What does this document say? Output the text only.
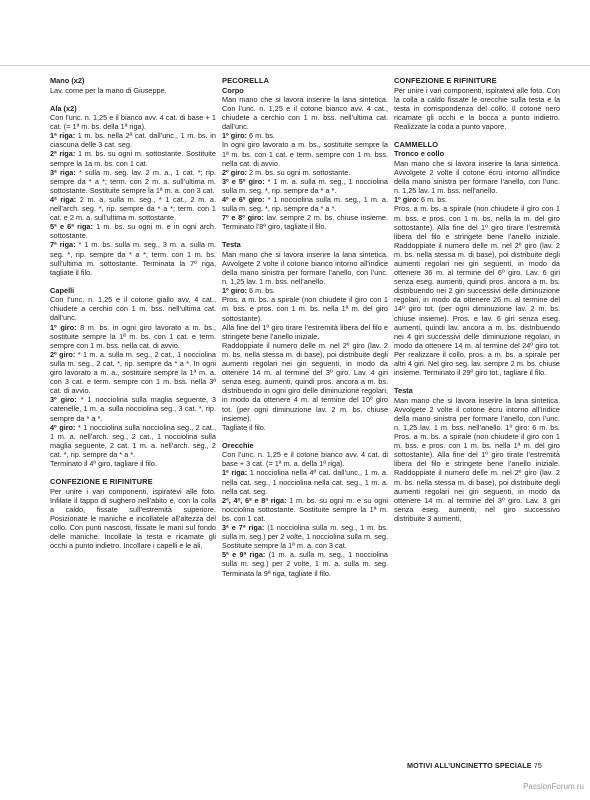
Mano (x2)

Lav. come per la mano di Giuseppe.

Ala (x2)

Con l’unc. n. 1,25 e il bianco avv. 4 cat. di base + 1 cat. (= 1ª m. bs. della 1ª riga).

1ª riga: 1 m. bs. nella 2ª cat. dall’unc., 1 m. bs. in ciascuna delle 3 cat. seg.

2ª riga: 1 m. bs. su ogni m. sottostante. Sostituite sempre la 1a m. bs. con 1 cat.

3ª riga: * sulla m. seg. lav. 2 m. a., 1 cat. *; rip. sempre da * a *; term. con 2 m. a. sull’ultima m. sottostante. Sostituite sempre la 1ª m. a. con 3 cat.

4ª riga: 2 m. a. sulla m. seg., * 1 cat., 2 m. a. nell’arch. seg. *, rip. sempre da * a *; term. con 1 cat. e 2 m. a. sull’ultima m. sottostante.

5ª e 6ª riga: 1 m. bs. su ogni m. e in ogni arch. sottostante.

7ª riga: * 1 m. bs. sulla m. seg., 3 m. a. sulla m. seg. *, rip. sempre da * a *; term. con 1 m. bs. sull’ultima m. sottostante. Terminata la 7ª riga, tagliate il filo.

Capelli

Con l’unc. n. 1,25 e il cotone giallo avv. 4 cat., chiudete a cerchio con 1 m. bss. nell’ultima cat. dall’unc.

1º giro: 8 m. bs. in ogni giro lavorato a m. bs., sostituite sempre la 1ª m. bs. con 1 cat. e term. sempre con 1 m. bss. nella cat. di avvio.

2º giro: * 1 m. a. sulla m. seg., 2 cat., 1 nocciolina sulla m. seg., 2 cat. *, rip. sempre da * a *. In ogni giro lavorato a m. a., sostituire sempre la 1ª m. a. con 3 cat. e term. sempre con 1 m. bss. nella 3ª cat. di avvio.

3º giro: * 1 nocciolina sulla maglia seguente, 3 catenelle, 1 m. a. sulla nocciolina seg., 3 cat. *, rip. sempre da * a *.

4º giro: * 1 nocciolina sulla nocciolina seg., 2 cat., 1 m. a. nell’arch. seg., 2 cat., 1 nocciolina sulla maglia seguente, 2 cat. 1 m. a. nell’arch. seg., 2 cat. *, rip. sempre da * a *.

Terminato il 4º giro, tagliare il filo.

CONFEZIONE E RIFINITURE

Per unire i vari componenti, ispiratevi alle foto. Infilate il tappo di sughero nell’abito e, con la colla a caldo, fissate sull’estremità superiore. Posizionate le maniche e incollatele all’altezza del collo. Con punti nascosti, fissate le mani sul fondo delle maniche. Incollate la testa e ricamate gli occhi a punto indietro. Incollare i capelli e le ali.

PECORELLA
Corpo

Man mano che si lavora inserire la lana sintetica. Con l’unc. n. 1,25 e il cotone bianco avv. 4 cat., chiudete a cerchio con 1 m. bss. nell’ultima cat. dall’unc.

1º giro: 6 m. bs.

In ogni giro lavorato a m. bs., sostituite sempre la 1ª m. bs. con 1 cat. e term. sempre con 1 m. bss. nella cat. di avvio.

2º giro: 2 m. bs. su ogni m. sottostante.

3º e 5º giro: * 1 m. a. sulla m. seg., 1 nocciolina sulla m. seg. *, rip. sempre da * a *.

4º e 6º giro: * 1 nocciolina sulla m. seg., 1 m. a. sulla m. seg. *, rip. sempre da * a *.

7º e 8º giro: lav. sempre 2 m. bs. chiuse insieme. Terminato l’8º giro, tagliate il filo.

Testa

Man mano che si lavora inserire la lana sintetica. Avvolgete 2 volte il cotone bianco intorno all’indice della mano sinistra per formare l’anello, con l’unc. n. 1,25 lav. 1 m. bss. nell’anello.

1º giro: 6 m. bs.

Pros. a m. bs. a spirale (non chiudete il giro con 1 m. bss. e pros. con 1 m. bs. nella 1ª m. del giro sottostante).

Alla fine del 1º giro tirare l’estremità libera del filo e stringete bene l’anello iniziale.

Raddoppiate il numero delle m. nel 2º giro (lav. 2 m. bs. nella stessa m. di base), poi distribuite degli aumenti regolari nei giri seguenti, in modo da ottenere 14 m. al termine del 3º giro. Lav. 4 giri senza eseg. aumenti, quindi pros. ancora a m. bs. distribuendo in ogni giro delle diminuzione regolari, in modo da ottenere 4 m. al termine del 10º giro tot. (per ogni diminuzione lav. 2 m. bs. chiuse insieme).

Tagliate il filo.

Orecchie

Con l’unc. n. 1,25 e il cotone bianco avv. 4 cat. di base + 3 cat. (= 1ª m. a. della 1ª riga).

1ª riga: 1 nocciolina nella 4ª cat. dall’unc., 1 m. a. nella cat. seg., 1 nocciolina nella cat. seg., 1 m. a. nella cat. seg.

2ª, 4ª, 6ª e 8ª riga: 1 m. bs. su ogni m. e su ogni nocciolina sottostante. Sostituite sempre la 1ª m. bs. con 1 cat.

3ª e 7ª riga: (1 nocciolina sulla m. seg., 1 m. bs. sulla m. seg.) per 2 volte, 1 nocciolina sulla m. seg. Sostituite sempre la 1ª m. a. con 3 cat.

5ª e 9ª riga: (1 m. a. sulla m. seg., 1 nocciolina sulla m. seg.) per 2 volte, 1 m. a. sulla m. seg. Terminata la 9ª riga, tagliate il filo.

CONFEZIONE E RIFINITURE

Per unire i vari componenti, ispiratevi alle foto. Con la colla a caldo fissate le orecchie sulla testa e la testa in corrispondenza del collo. Il cotone nero ricamate gli occhi e la bocca a punto indietro. Realizzate la coda a punto vapore.

CAMMELLO
Tronco e collo

Man mano che si lavora inserire la lana sintetica. Avvolgete 2 volte il cotone écru intorno all’indice della mano sinistra per formare l’anello, con l’unc. n. 1,25 lav. 1 m. bss. nell’anello.

1º giro: 6 m. bs.

Pros. a m. bs. a spirale (non chiudete il giro con 1 m. bss. e pros. con 1 m. bs. nella la m. del giro sottostante). Alla fine del 1º giro tirare l’estremità libera del filo e stringete bene l’anello iniziale. Raddoppiate il numero delle m. nel 2º giro (lav. 2 m. bs. nella stessa m. di base), poi distribuite degli aumenti regolari nei giri seguenti, in modo da ottenere 36 m. al termine del 6º giro. Lav. 6 giri senza eseg. aumenti, quindi pros. ancora a m. bs. distribuendo nei 2 giri successivi delle diminuzione regolari, in modo da ottenere 26 m. al termine del 14º giro tot. (per ogni diminuzione lav. 2 m. bs. chiuse insieme). Pros. e lav. 6 giri senza eseg. aumenti, quindi lav. ancora a m. bs. distribuendo nei 4 giri successivi delle diminuzione regolari, in modo da ottenere 14 m. al termine del 24º giro tot. Per realizzare il collo, pros. a m. bs. a spirale per altri 4 giri. Nel giro seg. lav. sempre 2 m. bs. chiuse insieme. Terminato il 29º giro tot., tagliare il filo.

Testa

Man mano che si lavora inserire la lana sintetica. Avvolgete 2 volte il cotone écru intorno all’indice della mano sinistra per formare l’anello, con l’unc. n. 1,25 lav. 1 m. bss. nell’anello. 1º giro: 6 m. bs. Pros. a m. bs. a spirale (non chiudete il giro con 1 m. bss. e pros. con 1 m. bs. nella 1ª m. del giro sottostante). Alla fine del 1º giro tirate l’estremità libera del filo e stringete bene l’anello iniziale. Raddoppiate il numero delle m. nel 2º giro (lav. 2 m. bs. nella stessa m. di base), poi distribuite degli aumenti regolari nei giri seguenti, in modo da ottenere 14 m. al termine del 3º giro. Lav. 3 giri senza eseg. aumenti, nel giro successivo distribuite 3 aumenti,

MOTIVI ALL’UNCINETTO SPECIALE 75
PassionForum.ru
